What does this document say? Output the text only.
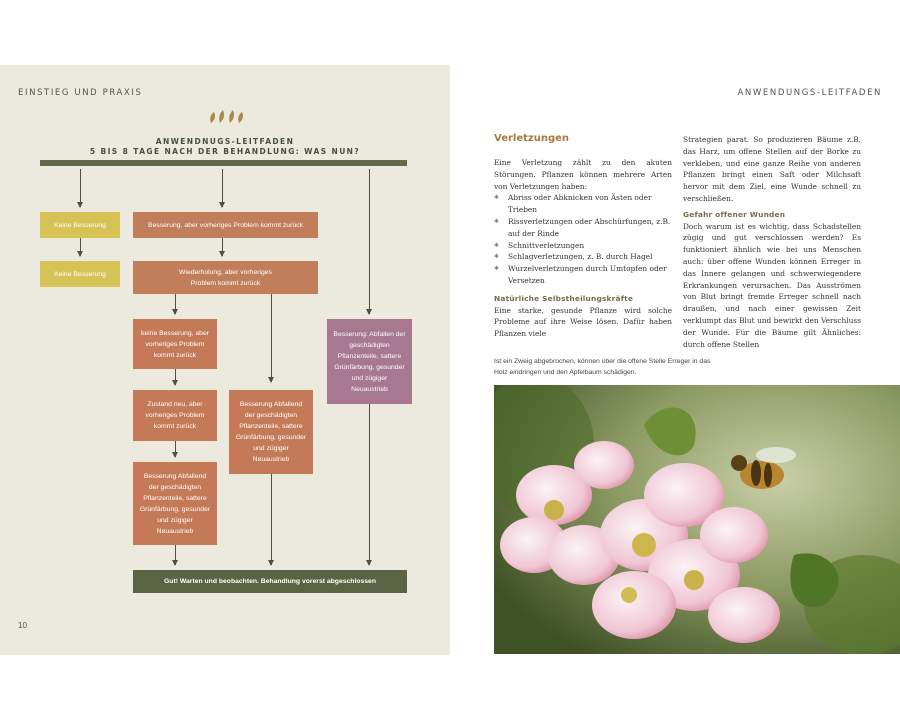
EINSTIEG UND PRAXIS	ANWENDUNGS-LEITFADEN
ANWENDNUGS-LEITFADEN
5 BIS 8 TAGE NACH DER BEHANDLUNG: WAS NUN?
Keine Besserung	Besserung, aber vorheriges Problem kommt zurück
Keine Besserung	Wiederholung, aber vorheriges Problem kommt zurück
keine Besserung, aber vorheriges Problem kommt zurück
Besserung: Abfallen der geschädigten Pflanzenteile, sattere Grünfärbung, gesunder und zügiger Neuaustrieb
Zustand neu, aber vorheriges Problem kommt zurück
Besserung Abfallend der geschädigten Pflanzenteile, sattere Grünfärbung, gesunder und zügiger Neuaustrieb
Besserung Abfallend der geschädigten Pflanzenteile, sattere Grünfärbung, gesunder und zügiger Neuaustrieb
Gut! Warten und beobachten. Behandlung vorerst abgeschlossen
10
Verletzungen

Eine Verletzung zählt zu den akuten Störungen. Pflanzen können mehrere Arten von Verletzungen haben:

✱ Abriss oder Abknicken von Ästen oder Trieben
✱ Rissverletzungen oder Abschürfungen, z.B. auf der Rinde
✱ Schnittverletzungen
✱ Schlagverletzungen, z. B. durch Hagel
✱ Wurzelverletzungen durch Umtopfen oder Versetzen

Natürliche Selbstheilungskräfte

Eine starke, gesunde Pflanze wird solche Probleme auf ihre Weise lösen. Dafür haben Pflanzen viele

Strategien parat. So produzieren Bäume z.B. das Harz, um offene Stellen auf der Borke zu verkleben, und eine ganze Reihe von anderen Pflanzen bringt einen Saft oder Milchsaft hervor mit dem Ziel, eine Wunde schnell zu verschließen.

Gefahr offener Wunden

Doch warum ist es wichtig, dass Schadstellen zügig und gut verschlossen werden? Es funktioniert ähnlich wie bei uns Menschen auch: über offene Wunden können Erreger in das Innere gelangen und schwerwiegendere Erkrankungen verursachen. Das Ausströmen von Blut bringt fremde Erreger schnell nach draußen, und nach einer gewissen Zeit verklumpt das Blut und bewirkt den Verschluss der Wunde. Für die Bäume gilt Ähnliches: durch offene Stellen

Ist ein Zweig abgebrochen, können über die offene Stelle Erreger in das Holz eindringen und den Apfelbaum schädigen.
